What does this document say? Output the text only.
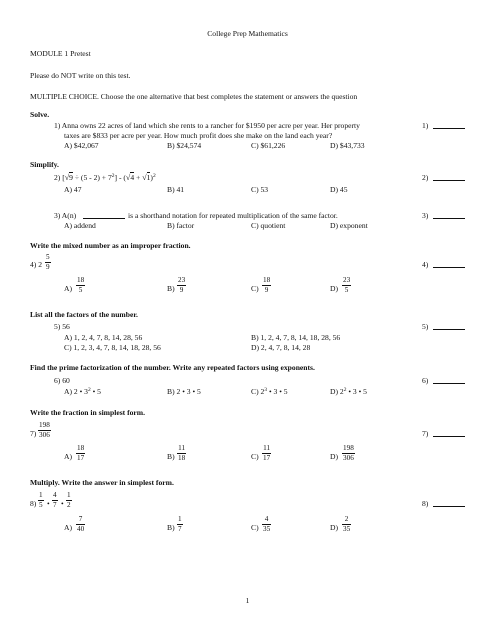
College Prep Mathematics
MODULE 1 Pretest
Please do NOT write on this test.
MULTIPLE CHOICE. Choose the one alternative that best completes the statement or answers the question
Solve.
1) Anna owns 22 acres of land which she rents to a rancher for $1950 per acre per year. Her property
taxes are $833 per acre per year. How much profit does she make on the land each year?
1)
A) $42,067	B) $24,574	C) $61,226	D) $43,733
Simplify.
2) $[√9 \div (5 - 2) + 7^2] - (√4 + √1)^2$	2)
A) 47	B) 41	C) 53	D) 45
3) A(n)	is a shorthand notation for repeated multiplication of the same factor.	3)
A) addend	B) factor	C) quotient	D) exponent
Write the mixed number as an improper fraction.
4) 2
5
9	4)
A)
18
5	B)
23
9	C)
18
9	D)
23
5
List all the factors of the number.
5) 56	5)
A) 1, 2, 4, 7, 8, 14, 28, 56	B) 1, 2, 4, 7, 8, 14, 18, 28, 56
C) 1, 2, 3, 4, 7, 8, 14, 18, 28, 56	D) 2, 4, 7, 8, 14, 28
Find the prime factorization of the number. Write any repeated factors using exponents.
6) 60	6)
A) 2 • $3^2$ • 5	B) 2 • 3 • 5	C) $2^3$ • 3 • 5	D) $2^2$ • 3 • 5
Write the fraction in simplest form.
7)
198
306	7)
A)
18
17	B)
11
18	C)
11
17	D)
198
306
Multiply. Write the answer in simplest form.
8)
1
5 •
4
7 •
1
2	8)
A)
7
40	B)
1
7	C)
4
35	D)
2
35
1
